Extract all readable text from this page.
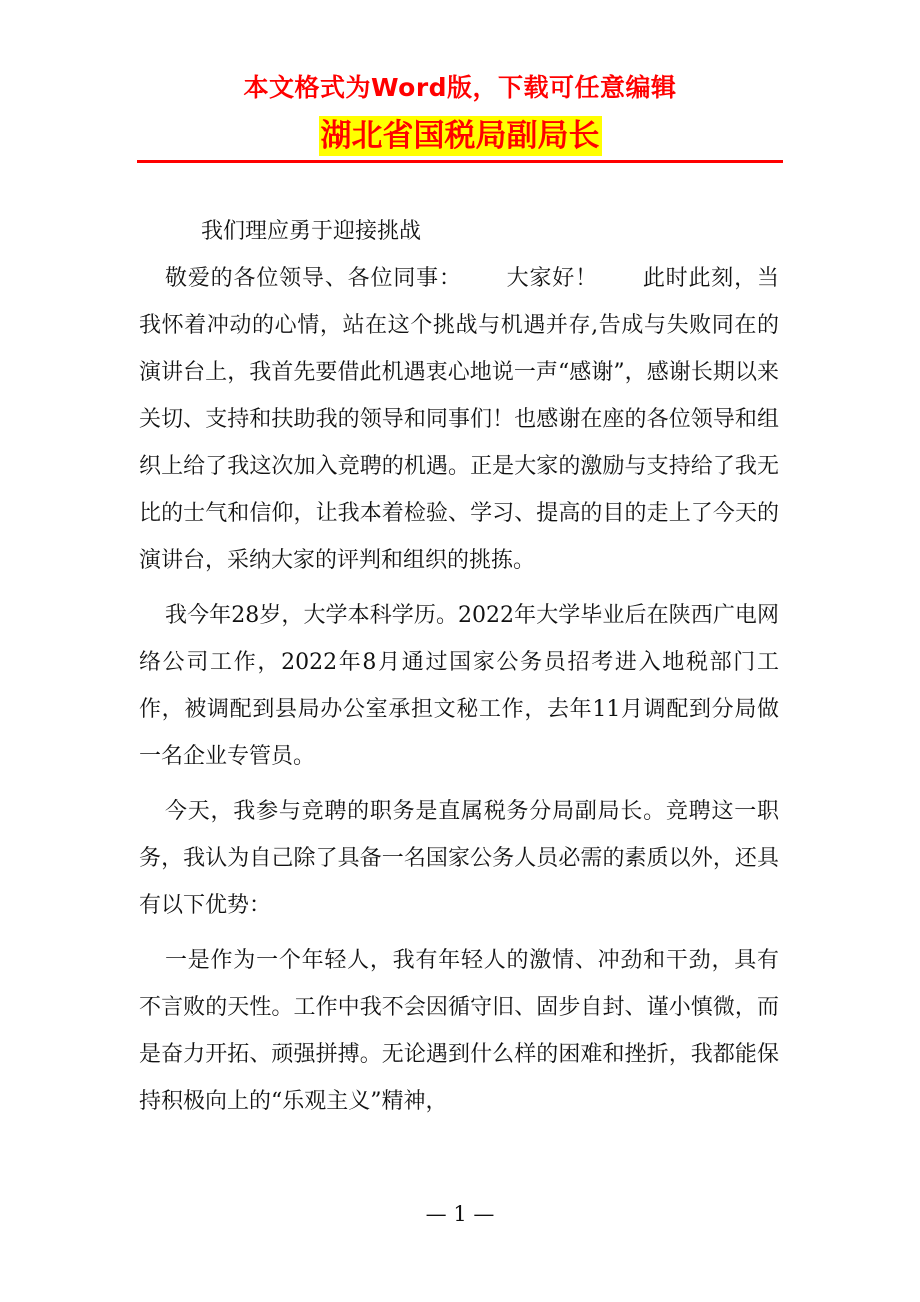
本文格式为Word版，下载可任意编辑
湖北省国税局副局长

我们理应勇于迎接挑战

敬爱的各位领导、各位同事： 大家好！ 此时此刻，当我怀着冲动的心情，站在这个挑战与机遇并存,告成与失败同在的演讲台上，我首先要借此机遇衷心地说一声“感谢”，感谢长期以来关切、支持和扶助我的领导和同事们！也感谢在座的各位领导和组织上给了我这次加入竞聘的机遇。正是大家的激励与支持给了我无比的士气和信仰，让我本着检验、学习、提高的目的走上了今天的演讲台，采纳大家的评判和组织的挑拣。

我今年28岁，大学本科学历。2022年大学毕业后在陕西广电网络公司工作，2022年8月通过国家公务员招考进入地税部门工作，被调配到县局办公室承担文秘工作，去年11月调配到分局做一名企业专管员。

今天，我参与竞聘的职务是直属税务分局副局长。竞聘这一职务，我认为自己除了具备一名国家公务人员必需的素质以外，还具有以下优势：

一是作为一个年轻人，我有年轻人的激情、冲劲和干劲，具有不言败的天性。工作中我不会因循守旧、固步自封、谨小慎微，而是奋力开拓、顽强拼搏。无论遇到什么样的困难和挫折，我都能保持积极向上的“乐观主义”精神，

— 1 —
